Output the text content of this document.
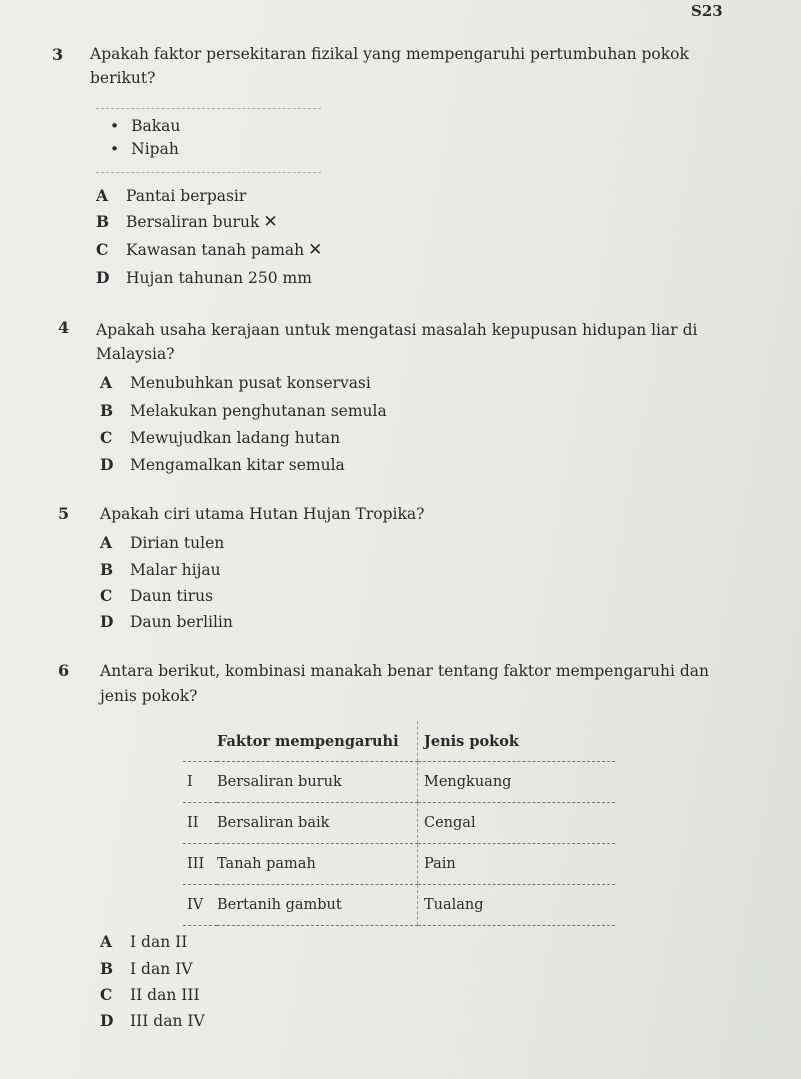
S23
3 Apakah faktor persekitaran fizikal yang mempengaruhi pertumbuhan pokok
berikut?
• Bakau
• Nipah
A Pantai berpasir
B Bersaliran buruk ✕
C Kawasan tanah pamah ✕
D Hujan tahunan 250 mm
4 Apakah usaha kerajaan untuk mengatasi masalah kepupusan hidupan liar di
Malaysia?
A Menubuhkan pusat konservasi
B Melakukan penghutanan semula
C Mewujudkan ladang hutan
D Mengamalkan kitar semula
5 Apakah ciri utama Hutan Hujan Tropika?
A Dirian tulen
B Malar hijau
C Daun tirus
D Daun berlilin
6 Antara berikut, kombinasi manakah benar tentang faktor mempengaruhi dan
jenis pokok?
	Faktor mempengaruhi	Jenis pokok
I	Bersaliran buruk	Mengkuang
II	Bersaliran baik	Cengal
III	Tanah pamah	Pain
IV	Bertanih gambut	Tualang
A I dan II
B I dan IV
C II dan III
D III dan IV
